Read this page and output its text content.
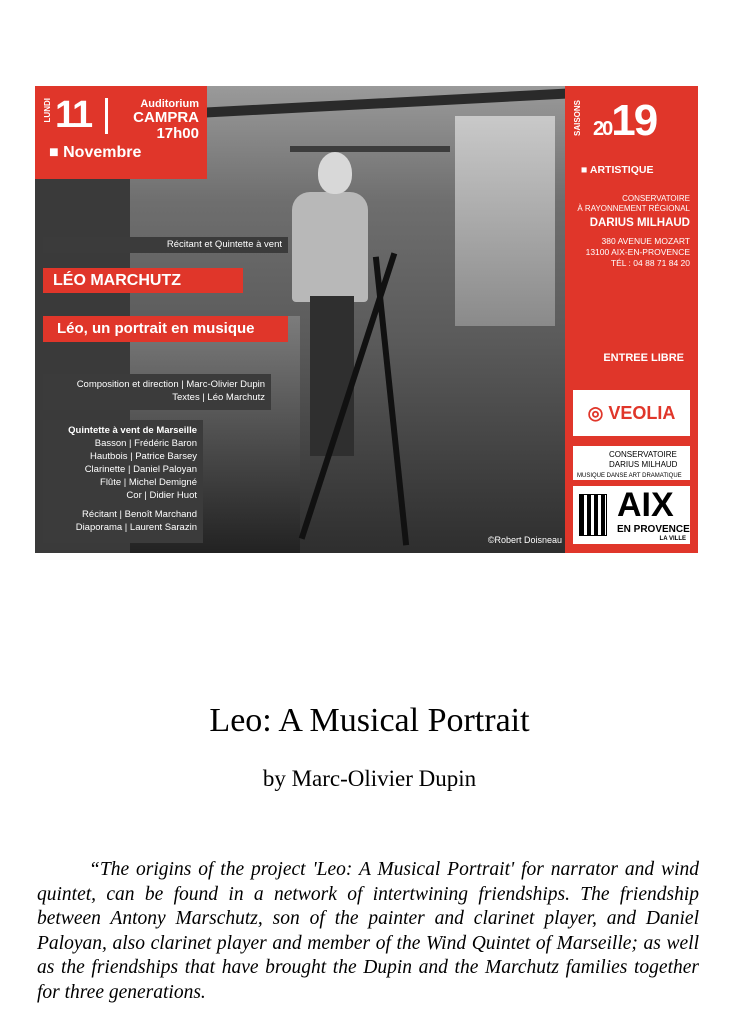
©Robert Doisneau
LUNDI 11	Auditorium
CAMPRA
17h00
■ Novembre
Récitant et Quintette à vent
LÉO MARCHUTZ
Léo, un portrait en musique
Composition et direction | Marc-Olivier Dupin
Textes | Léo Marchutz
Quintette à vent de Marseille
Basson | Frédéric Baron
Hautbois | Patrice Barsey
Clarinette | Daniel Paloyan
Flûte | Michel Demigné
Cor | Didier Huot
Récitant | Benoît Marchand
Diaporama | Laurent Sarazin
SAISONS 2019
■ ARTISTIQUE
CONSERVATOIRE
À RAYONNEMENT RÉGIONAL
DARIUS MILHAUD
380 AVENUE MOZART
13100 AIX-EN-PROVENCE
TÉL : 04 88 71 84 20
ENTREE LIBRE
◎ VEOLIA
CONSERVATOIRE
DARIUS MILHAUD
MUSIQUE DANSE ART DRAMATIQUE
AIX
EN PROVENCE
LA VILLE
Leo: A Musical Portrait
by Marc-Olivier Dupin

“The origins of the project 'Leo: A Musical Portrait' for narrator and wind quintet, can be found in a network of intertwining friendships. The friendship between Antony Marschutz, son of the painter and clarinet player, and Daniel Paloyan, also clarinet player and member of the Wind Quintet of Marseille; as well as the friendships that have brought the Dupin and the Marchutz families together for three generations.
